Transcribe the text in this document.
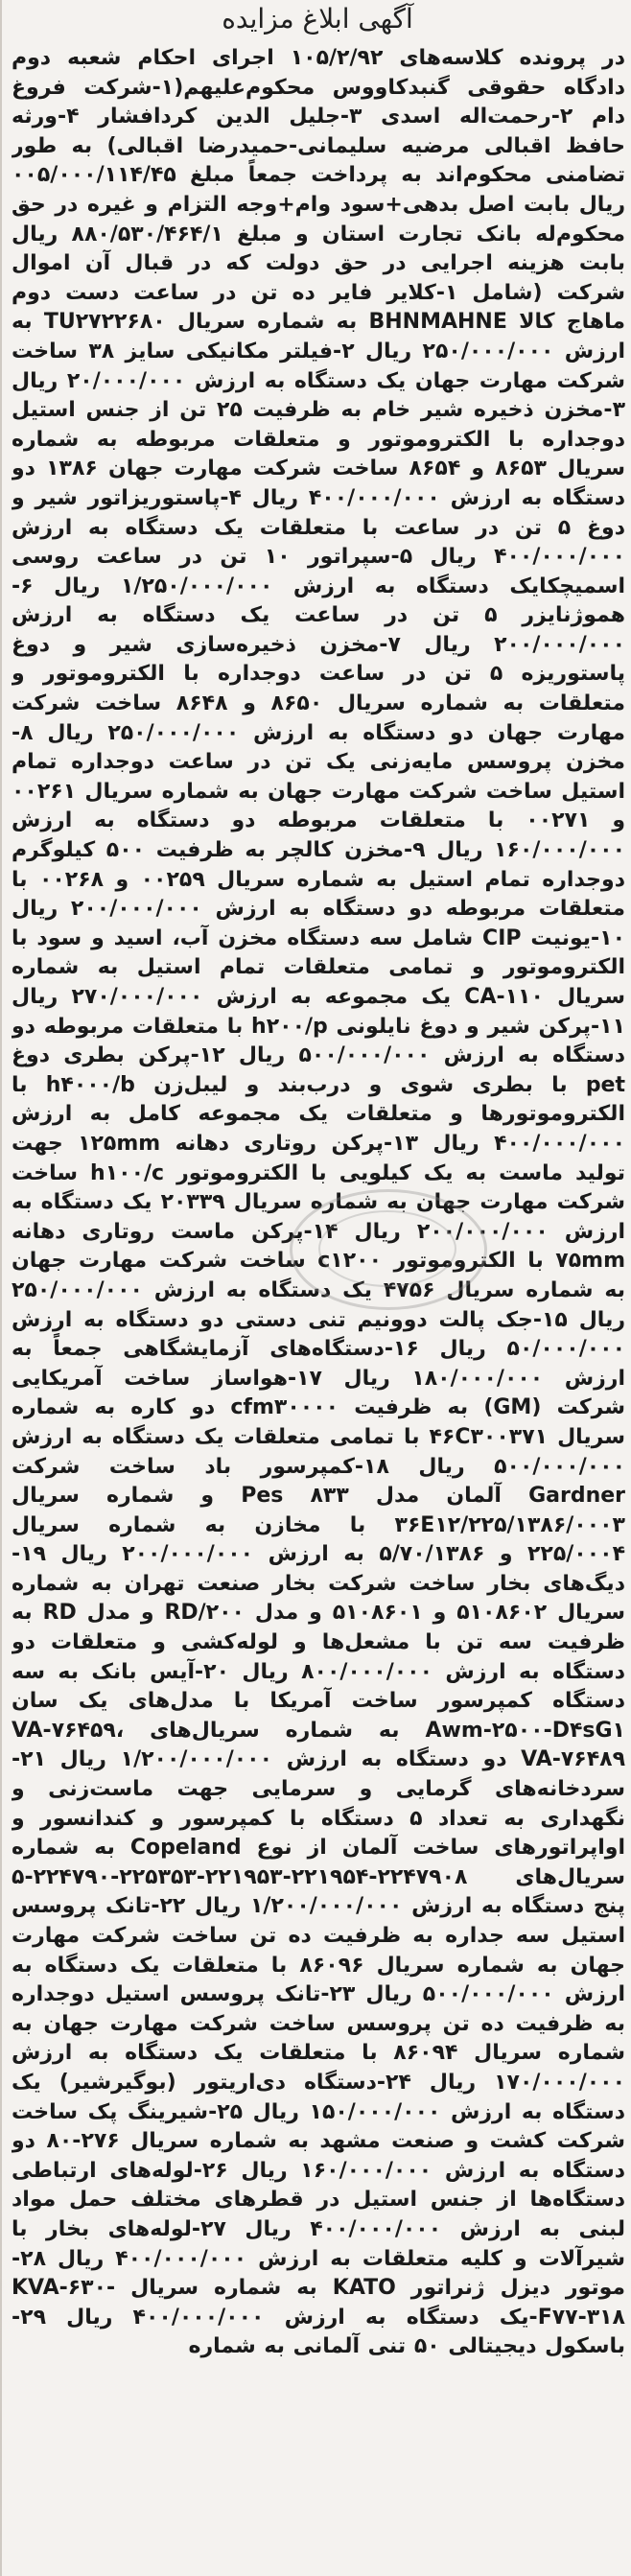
آگهی ابلاغ مزایده
در پرونده کلاسه‌های ۱۰۵/۲/۹۲ اجرای احکام شعبه دوم دادگاه حقوقی گنبدکاووس محکوم‌علیهم(۱-شرکت فروغ دام ۲-رحمت‌اله اسدی ۳-جلیل الدین کردافشار ۴-ورثه حافظ اقبالی مرضیه سلیمانی-حمیدرضا اقبالی) به طور تضامنی محکوم‌اند به پرداخت جمعاً مبلغ ۰۰۵/۰۰۰/۱۱۴/۴۵ ریال بابت اصل بدهی+سود وام+وجه التزام و غیره در حق محکوم‌له بانک تجارت استان و مبلغ ۸۸۰/۵۳۰/۴۶۴/۱ ریال بابت هزینه اجرایی در حق دولت که در قبال آن اموال شرکت (شامل ۱-کلایر فایر ده تن در ساعت دست دوم ماهاج کالا BHNMAHNE به شماره سریال TU۲۷۲۲۶۸۰ به ارزش ۲۵۰/۰۰۰/۰۰۰ ریال ۲-فیلتر مکانیکی سایز ۳۸ ساخت شرکت مهارت جهان یک دستگاه به ارزش ۲۰/۰۰۰/۰۰۰ ریال ۳-مخزن ذخیره شیر خام به ظرفیت ۲۵ تن از جنس استیل دوجداره با الکتروموتور و متعلقات مربوطه به شماره سریال ۸۶۵۳ و ۸۶۵۴ ساخت شرکت مهارت جهان ۱۳۸۶ دو دستگاه به ارزش ۴۰۰/۰۰۰/۰۰۰ ریال ۴-پاستوریزاتور شیر و دوغ ۵ تن در ساعت با متعلقات یک دستگاه به ارزش ۴۰۰/۰۰۰/۰۰۰ ریال ۵-سپراتور ۱۰ تن در ساعت روسی اسمیچکایک دستگاه به ارزش ۱/۲۵۰/۰۰۰/۰۰۰ ریال ۶-هموژنایزر ۵ تن در ساعت یک دستگاه به ارزش ۲۰۰/۰۰۰/۰۰۰ ریال ۷-مخزن ذخیره‌سازی شیر و دوغ پاستوریزه ۵ تن در ساعت دوجداره با الکتروموتور و متعلقات به شماره سریال ۸۶۵۰ و ۸۶۴۸ ساخت شرکت مهارت جهان دو دستگاه به ارزش ۲۵۰/۰۰۰/۰۰۰ ریال ۸-مخزن پروسس مایه‌زنی یک تن در ساعت دوجداره تمام استیل ساخت شرکت مهارت جهان به شماره سریال ۰۰۲۶۱ و ۰۰۲۷۱ با متعلقات مربوطه دو دستگاه به ارزش ۱۶۰/۰۰۰/۰۰۰ ریال ۹-مخزن کالچر به ظرفیت ۵۰۰ کیلوگرم دوجداره تمام استیل به شماره سریال ۰۰۲۵۹ و ۰۰۲۶۸ با متعلقات مربوطه دو دستگاه به ارزش ۲۰۰/۰۰۰/۰۰۰ ریال ۱۰-یونیت CIP شامل سه دستگاه مخزن آب، اسید و سود با الکتروموتور و تمامی متعلقات تمام استیل به شماره سریال CA-۱۱۰ یک مجموعه به ارزش ۲۷۰/۰۰۰/۰۰۰ ریال ۱۱-پرکن شیر و دوغ نایلونی h۲۰۰/p با متعلقات مربوطه دو دستگاه به ارزش ۵۰۰/۰۰۰/۰۰۰ ریال ۱۲-پرکن بطری دوغ pet با بطری شوی و درب‌بند و لیبل‌زن h۴۰۰۰/b با الکتروموتورها و متعلقات یک مجموعه کامل به ارزش ۴۰۰/۰۰۰/۰۰۰ ریال ۱۳-پرکن روتاری دهانه ۱۲۵mm جهت تولید ماست به یک کیلویی با الکتروموتور h۱۰۰/c ساخت شرکت مهارت جهان به شماره سریال ۲۰۳۳۹ یک دستگاه به ارزش ۲۰۰/۰۰۰/۰۰۰ ریال ۱۴-پرکن ماست روتاری دهانه ۷۵mm با الکتروموتور c۱۲۰۰ ساخت شرکت مهارت جهان به شماره سریال ۴۷۵۶ یک دستگاه به ارزش ۲۵۰/۰۰۰/۰۰۰ ریال ۱۵-جک پالت دوونیم تنی دستی دو دستگاه به ارزش ۵۰/۰۰۰/۰۰۰ ریال ۱۶-دستگاه‌های آزمایشگاهی جمعاً به ارزش ۱۸۰/۰۰۰/۰۰۰ ریال ۱۷-هواساز ساخت آمریکایی شرکت (GM) به ظرفیت cfm۳۰۰۰۰ دو کاره به شماره سریال ۴۶C۳۰۰۳۷۱ با تمامی متعلقات یک دستگاه به ارزش ۵۰۰/۰۰۰/۰۰۰ ریال ۱۸-کمپرسور باد ساخت شرکت Gardner آلمان مدل Pes ۸۳۳ و شماره سریال ۳۶E۱۲/۲۲۵/۱۳۸۶/۰۰۰۳ با مخازن به شماره سریال ۲۲۵/۰۰۰۴ و ۵/۷۰/۱۳۸۶ به ارزش ۲۰۰/۰۰۰/۰۰۰ ریال ۱۹-دیگ‌های بخار ساخت شرکت بخار صنعت تهران به شماره سریال ۵۱۰۸۶۰۲ و ۵۱۰۸۶۰۱ و مدل ۲۰۰/RD و مدل RD به ظرفیت سه تن با مشعل‌ها و لوله‌کشی و متعلقات دو دستگاه به ارزش ۸۰۰/۰۰۰/۰۰۰ ریال ۲۰-آیس بانک به سه دستگاه کمپرسور ساخت آمریکا با مدل‌های یک سان Awm-۲۵۰۰-D۴sG۱ به شماره سریال‌های VA-۷۶۴۵۹، VA-۷۶۴۸۹ دو دستگاه به ارزش ۱/۲۰۰/۰۰۰/۰۰۰ ریال ۲۱-سردخانه‌های گرمایی و سرمایی جهت ماست‌زنی و نگهداری به تعداد ۵ دستگاه با کمپرسور و کندانسور و اواپراتورهای ساخت آلمان از نوع Copeland به شماره سریال‌های ۲۲۴۷۹۰۸-۲۲۱۹۵۴-۲۲۱۹۵۳-۲۲۵۳۵۳-۲۲۴۷۹۰-۵ پنج دستگاه به ارزش ۱/۲۰۰/۰۰۰/۰۰۰ ریال ۲۲-تانک پروسس استیل سه جداره به ظرفیت ده تن ساخت شرکت مهارت جهان به شماره سریال ۸۶۰۹۶ با متعلقات یک دستگاه به ارزش ۵۰۰/۰۰۰/۰۰۰ ریال ۲۳-تانک پروسس استیل دوجداره به ظرفیت ده تن پروسس ساخت شرکت مهارت جهان به شماره سریال ۸۶۰۹۴ با متعلقات یک دستگاه به ارزش ۱۷۰/۰۰۰/۰۰۰ ریال ۲۴-دستگاه دی‌اریتور (بوگیرشیر) یک دستگاه به ارزش ۱۵۰/۰۰۰/۰۰۰ ریال ۲۵-شیرینگ پک ساخت شرکت کشت و صنعت مشهد به شماره سریال ۲۷۶-۸۰ دو دستگاه به ارزش ۱۶۰/۰۰۰/۰۰۰ ریال ۲۶-لوله‌های ارتباطی دستگاه‌ها از جنس استیل در قطرهای مختلف حمل مواد لبنی به ارزش ۴۰۰/۰۰۰/۰۰۰ ریال ۲۷-لوله‌های بخار با شیرآلات و کلیه متعلقات به ارزش ۴۰۰/۰۰۰/۰۰۰ ریال ۲۸-موتور دیزل ژنراتور KATO به شماره سریال KVA-۶۳۰-F۷۷-۳۱۸-یک دستگاه به ارزش ۴۰۰/۰۰۰/۰۰۰ ریال ۲۹-باسکول دیجیتالی ۵۰ تنی آلمانی به شماره
